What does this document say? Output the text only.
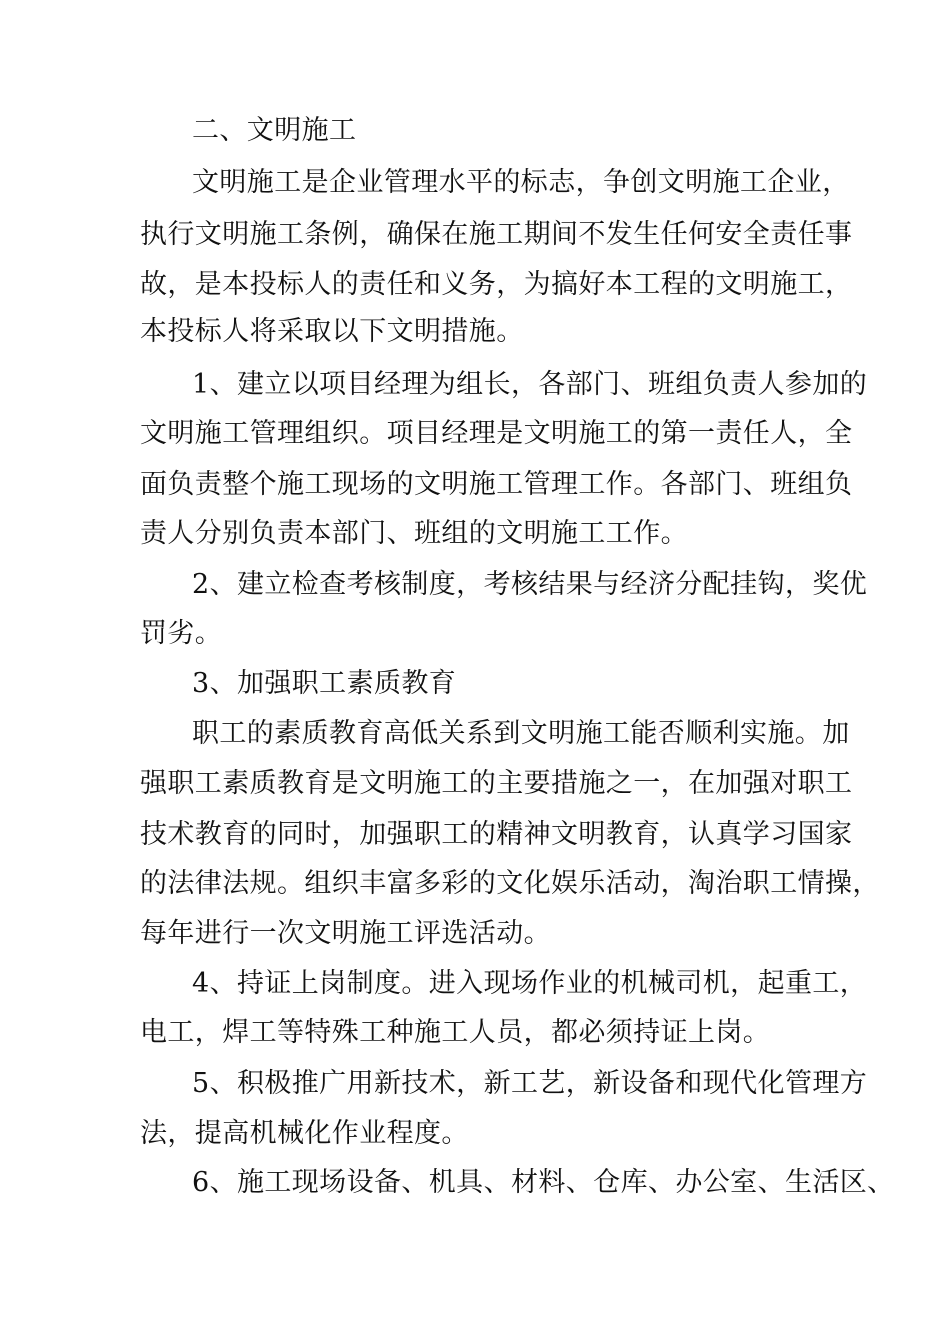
二、文明施工
文明施工是企业管理水平的标志，争创文明施工企业，
执行文明施工条例，确保在施工期间不发生任何安全责任事
故，是本投标人的责任和义务，为搞好本工程的文明施工，
本投标人将采取以下文明措施。
1、建立以项目经理为组长，各部门、班组负责人参加的
文明施工管理组织。项目经理是文明施工的第一责任人，全
面负责整个施工现场的文明施工管理工作。各部门、班组负
责人分别负责本部门、班组的文明施工工作。
2、建立检查考核制度，考核结果与经济分配挂钩，奖优
罚劣。
3、加强职工素质教育
职工的素质教育高低关系到文明施工能否顺利实施。加
强职工素质教育是文明施工的主要措施之一，在加强对职工
技术教育的同时，加强职工的精神文明教育，认真学习国家
的法律法规。组织丰富多彩的文化娱乐活动，淘治职工情操，
每年进行一次文明施工评选活动。
4、持证上岗制度。进入现场作业的机械司机，起重工，
电工，焊工等特殊工种施工人员，都必须持证上岗。
5、积极推广用新技术，新工艺，新设备和现代化管理方
法，提高机械化作业程度。
6、施工现场设备、机具、材料、仓库、办公室、生活区、
